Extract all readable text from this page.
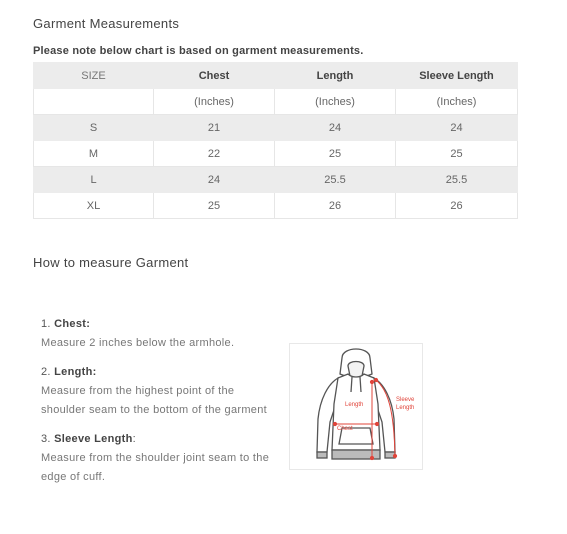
Garment Measurements
Please note below chart is based on garment measurements.
SIZE	Chest	Length	Sleeve Length
	(Inches)	(Inches)	(Inches)
S	21	24	24
M	22	25	25
L	24	25.5	25.5
XL	25	26	26
How to measure Garment
1. Chest:
Measure 2 inches below the armhole.
2. Length:
Measure from the highest point of the shoulder seam to the bottom of the garment
3. Sleeve Length:
Measure from the shoulder joint seam to the edge of cuff.
Length
Chest
Sleeve
Length
